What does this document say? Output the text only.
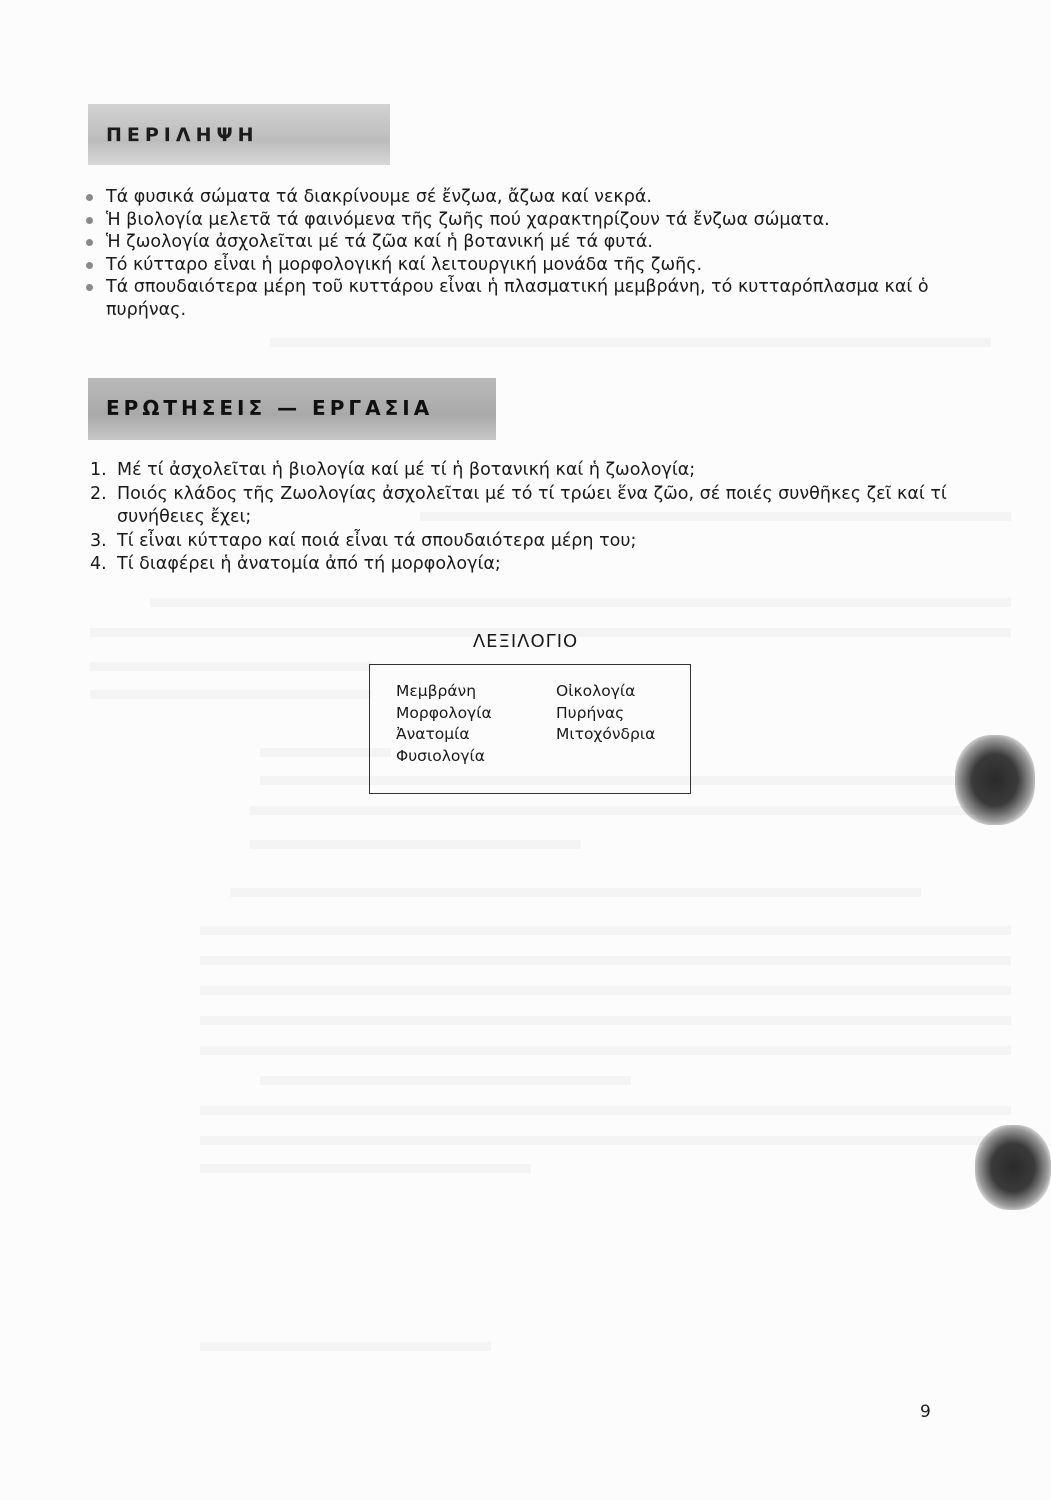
ΠΕΡΙΛΗΨΗ
Τά φυσικά σώματα τά διακρίνουμε σέ ἔνζωα, ἄζωα καί νεκρά.
Ἡ βιολογία μελετᾶ τά φαινόμενα τῆς ζωῆς πού χαρακτηρίζουν τά ἔνζωα σώματα.
Ἡ ζωολογία ἀσχολεῖται μέ τά ζῶα καί ἡ βοτανική μέ τά φυτά.
Τό κύτταρο εἶναι ἡ μορφολογική καί λειτουργική μονάδα τῆς ζωῆς.
Τά σπουδαιότερα μέρη τοῦ κυττάρου εἶναι ἡ πλασματική μεμβράνη, τό κυτταρόπλασμα καί ὁ πυρήνας.
ΕΡΩΤΗΣΕΙΣ — ΕΡΓΑΣΙΑ
1. Μέ τί ἀσχολεῖται ἡ βιολογία καί μέ τί ἡ βοτανική καί ἡ ζωολογία;
2. Ποιός κλάδος τῆς Ζωολογίας ἀσχολεῖται μέ τό τί τρώει ἕνα ζῶο, σέ ποιές συνθῆκες ζεῖ καί τί συνήθειες ἔχει;
3. Τί εἶναι κύτταρο καί ποιά εἶναι τά σπουδαιότερα μέρη του;
4. Τί διαφέρει ἡ ἀνατομία ἀπό τή μορφολογία;
ΛΕΞΙΛΟΓΙΟ
Μεμβράνη
Μορφολογία
Ἀνατομία
Φυσιολογία
Οἰκολογία
Πυρήνας
Μιτοχόνδρια
9
